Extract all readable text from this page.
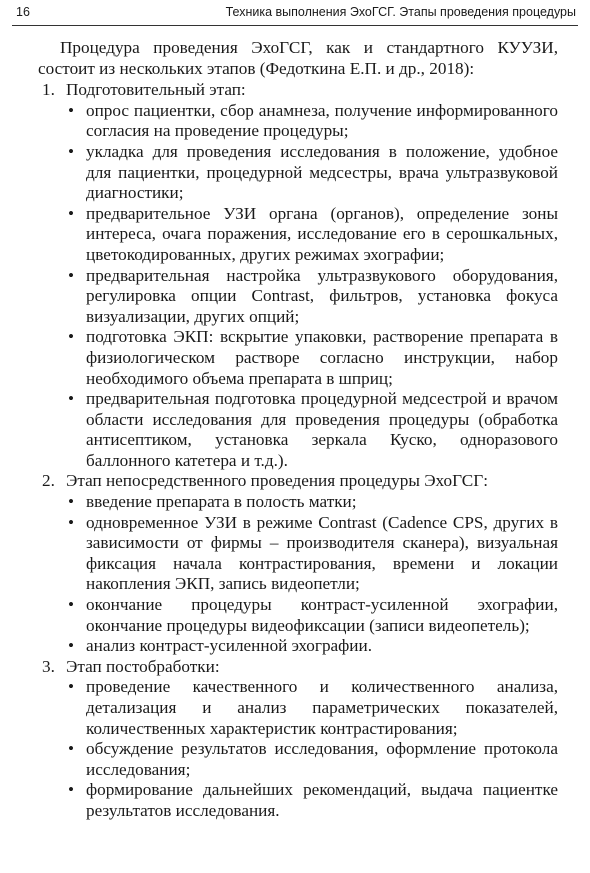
16	Техника выполнения ЭхоГСГ. Этапы проведения процедуры

Процедура проведения ЭхоГСГ, как и стандартного КУУЗИ, состоит из нескольких этапов (Федоткина Е.П. и др., 2018):

1. Подготовительный этап:
• опрос пациентки, сбор анамнеза, получение информированного согласия на проведение процедуры;
• укладка для проведения исследования в положение, удобное для пациентки, процедурной медсестры, врача ультразвуковой диагностики;
• предварительное УЗИ органа (органов), определение зоны интереса, очага поражения, исследование его в серошкальных, цветокодированных, других режимах эхографии;
• предварительная настройка ультразвукового оборудования, регулировка опции Contrast, фильтров, установка фокуса визуализации, других опций;
• подготовка ЭКП: вскрытие упаковки, растворение препарата в физиологическом растворе согласно инструкции, набор необходимого объема препарата в шприц;
• предварительная подготовка процедурной медсестрой и врачом области исследования для проведения процедуры (обработка антисептиком, установка зеркала Куско, одноразового баллонного катетера и т.д.).
2. Этап непосредственного проведения процедуры ЭхоГСГ:
• введение препарата в полость матки;
• одновременное УЗИ в режиме Contrast (Cadence CPS, других в зависимости от фирмы – производителя сканера), визуальная фиксация начала контрастирования, времени и локации накопления ЭКП, запись видеопетли;
• окончание процедуры контраст-усиленной эхографии, окончание процедуры видеофиксации (записи видеопетель);
• анализ контраст-усиленной эхографии.
3. Этап постобработки:
• проведение качественного и количественного анализа, детализация и анализ параметрических показателей, количественных характеристик контрастирования;
• обсуждение результатов исследования, оформление протокола исследования;
• формирование дальнейших рекомендаций, выдача пациентке результатов исследования.
